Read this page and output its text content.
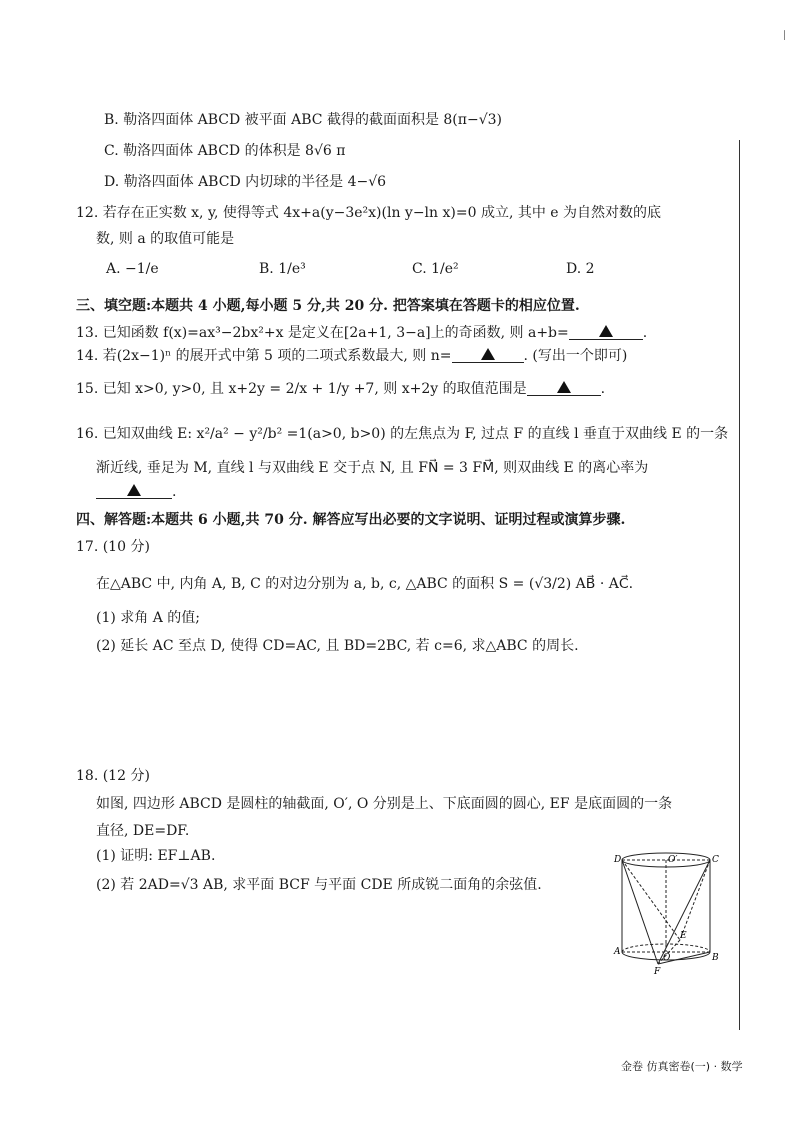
∣
B. 勒洛四面体 ABCD 被平面 ABC 截得的截面面积是 8(π−√3)
C. 勒洛四面体 ABCD 的体积是 8√6 π
D. 勒洛四面体 ABCD 内切球的半径是 4−√6
12. 若存在正实数 x, y, 使得等式 4x+a(y−3e²x)(ln y−ln x)=0 成立, 其中 e 为自然对数的底
数, 则 a 的取值可能是
A. −1/e	B. 1/e³	C. 1/e²	D. 2
三、填空题:本题共 4 小题,每小题 5 分,共 20 分. 把答案填在答题卡的相应位置.
13. 已知函数 f(x)=ax³−2bx²+x 是定义在[2a+1, 3−a]上的奇函数, 则 a+b=	.
14. 若(2x−1)ⁿ 的展开式中第 5 项的二项式系数最大, 则 n=	. (写出一个即可)
15. 已知 x>0, y>0, 且 x+2y = 2/x + 1/y +7, 则 x+2y 的取值范围是	.
16. 已知双曲线 E: x²/a² − y²/b² =1(a>0, b>0) 的左焦点为 F, 过点 F 的直线 l 垂直于双曲线 E 的一条
渐近线, 垂足为 M, 直线 l 与双曲线 E 交于点 N, 且 FN⃗ = 3 FM⃗, 则双曲线 E 的离心率为
.
四、解答题:本题共 6 小题,共 70 分. 解答应写出必要的文字说明、证明过程或演算步骤.
17. (10 分)
在△ABC 中, 内角 A, B, C 的对边分别为 a, b, c, △ABC 的面积 S = (√3/2) AB⃗ · AC⃗.
(1) 求角 A 的值;
(2) 延长 AC 至点 D, 使得 CD=AC, 且 BD=2BC, 若 c=6, 求△ABC 的周长.
18. (12 分)
如图, 四边形 ABCD 是圆柱的轴截面, O′, O 分别是上、下底面圆的圆心, EF 是底面圆的一条
直径, DE=DF.
(1) 证明: EF⊥AB.
(2) 若 2AD=√3 AB, 求平面 BCF 与平面 CDE 所成锐二面角的余弦值.
D	C
O′
A
B
O
E
F
金卷 仿真密卷(一) · 数学
